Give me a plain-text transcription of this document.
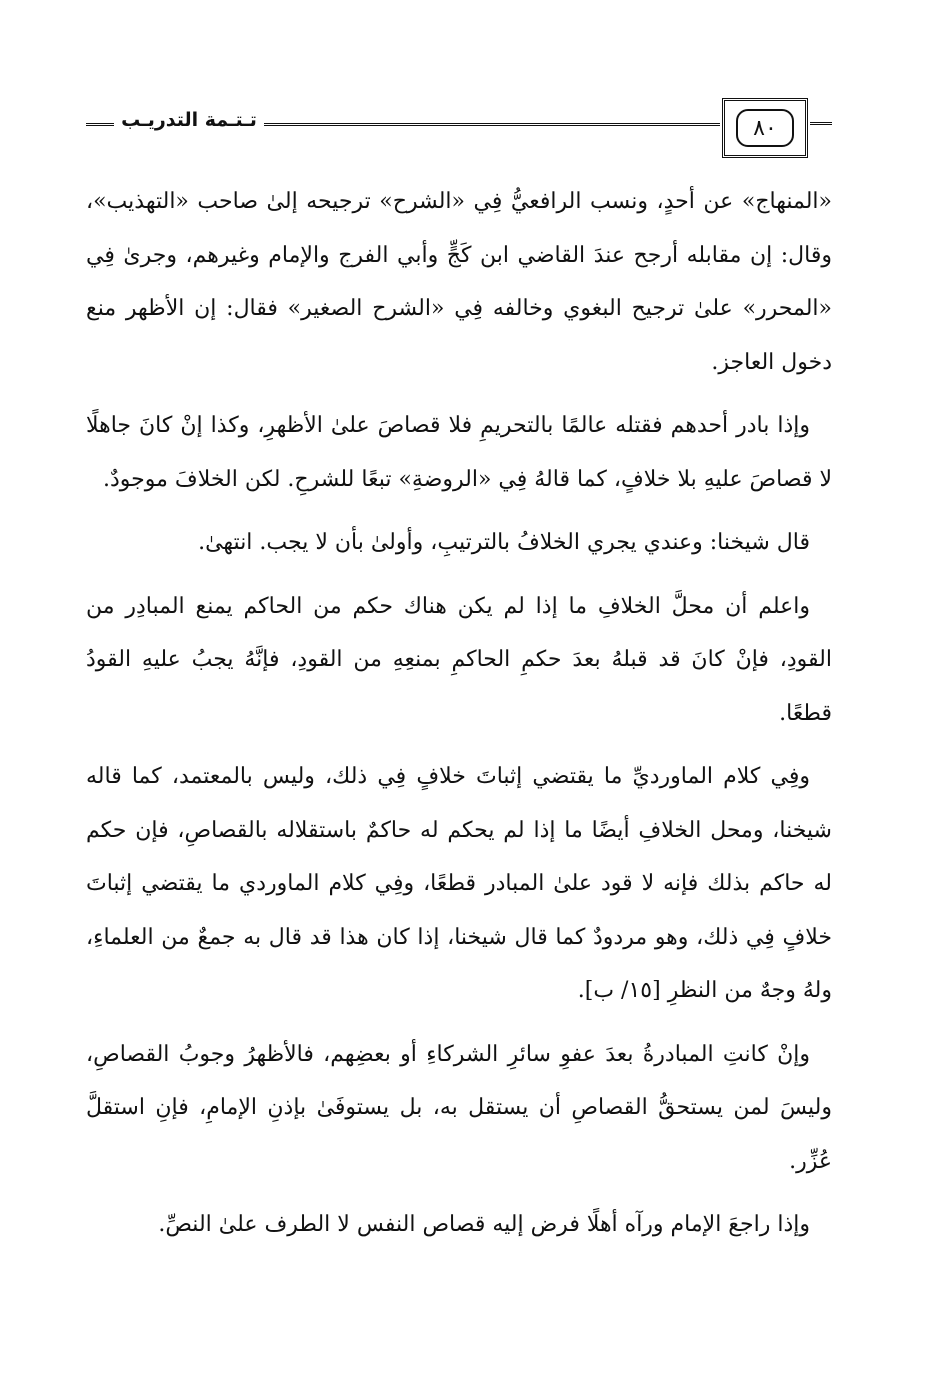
٨٠
تـتـمة التدريـب

«المنهاج» عن أحدٍ، ونسب الرافعيُّ فِي «الشرح» ترجيحه إلىٰ صاحب «التهذيب»، وقال: إن مقابله أرجح عندَ القاضي ابن كَجٍّ وأبي الفرج والإمام وغيرهم، وجرىٰ فِي «المحرر» علىٰ ترجيح البغوي وخالفه فِي «الشرح الصغير» فقال: إن الأظهر منع دخول العاجز.

وإذا بادر أحدهم فقتله عالمًا بالتحريمِ فلا قصاصَ علىٰ الأظهرِ، وكذا إنْ كانَ جاهلًا لا قصاصَ عليهِ بلا خلافٍ، كما قالهُ فِي «الروضةِ» تبعًا للشرحِ. لكن الخلافَ موجودٌ.

قال شيخنا: وعندي يجري الخلافُ بالترتيبِ، وأولىٰ بأن لا يجب. انتهىٰ.

واعلم أن محلَّ الخلافِ ما إذا لم يكن هناك حكم من الحاكم يمنع المبادِر من القودِ، فإنْ كانَ قد قبلهُ بعدَ حكمِ الحاكمِ بمنعِهِ من القودِ، فإنَّهُ يجبُ عليهِ القودُ قطعًا.

وفِي كلام الماورديِّ ما يقتضي إثباتَ خلافٍ فِي ذلك، وليس بالمعتمد، كما قاله شيخنا، ومحل الخلافِ أيضًا ما إذا لم يحكم له حاكمٌ باستقلاله بالقصاصِ، فإن حكم له حاكم بذلك فإنه لا قود علىٰ المبادر قطعًا، وفِي كلام الماوردي ما يقتضي إثباتَ خلافٍ فِي ذلك، وهو مردودٌ كما قال شيخنا، إذا كان هذا قد قال به جمعٌ من العلماءِ، ولهُ وجهٌ من النظرِ [١٥/ ب].

وإنْ كانتِ المبادرةُ بعدَ عفوِ سائرِ الشركاءِ أو بعضِهم، فالأظهرُ وجوبُ القصاصِ، وليسَ لمن يستحقُّ القصاصِ أن يستقل به، بل يستوفَىٰ بإذنِ الإمامِ، فإنِ استقلَّ عُزِّر.

وإذا راجعَ الإمام ورآه أهلًا فرض إليه قصاص النفس لا الطرف علىٰ النصِّ.
